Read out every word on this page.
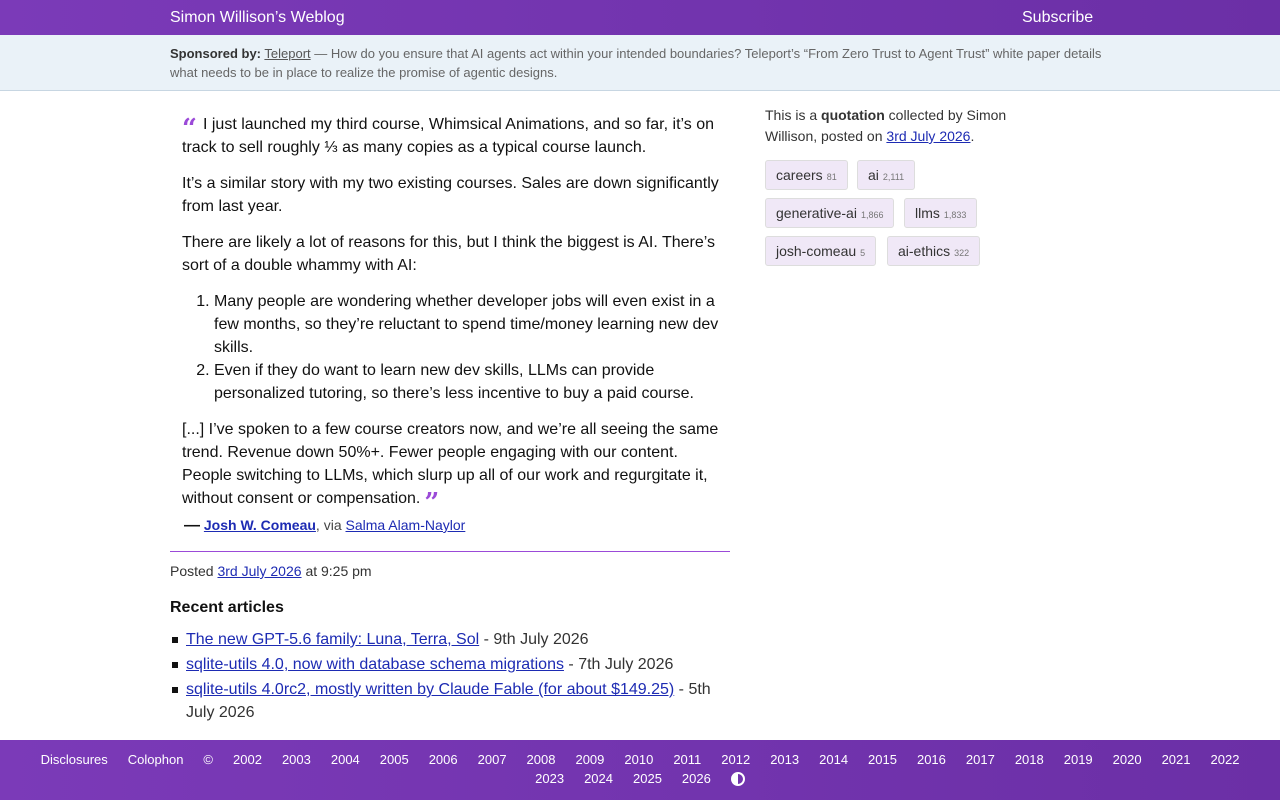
Simon Willison’s Weblog	Subscribe
Sponsored by: Teleport — How do you ensure that AI agents act within your intended boundaries? Teleport’s “From Zero Trust to Agent Trust” white paper details what needs to be in place to realize the promise of agentic designs.

“ I just launched my third course, Whimsical Animations, and so far, it’s on track to sell roughly ⅓ as many copies as a typical course launch.

It’s a similar story with my two existing courses. Sales are down significantly from last year.

There are likely a lot of reasons for this, but I think the biggest is AI. There’s sort of a double whammy with AI:

1. Many people are wondering whether developer jobs will even exist in a few months, so they’re reluctant to spend time/money learning new dev skills.
2. Even if they do want to learn new dev skills, LLMs can provide personalized tutoring, so there’s less incentive to buy a paid course.

[...] I’ve spoken to a few course creators now, and we’re all seeing the same trend. Revenue down 50%+. Fewer people engaging with our content. People switching to LLMs, which slurp up all of our work and regurgitate it, without consent or compensation. ”

— Josh W. Comeau, via Salma Alam-Naylor
Posted 3rd July 2026 at 9:25 pm
Recent articles
The new GPT-5.6 family: Luna, Terra, Sol - 9th July 2026
sqlite-utils 4.0, now with database schema migrations - 7th July 2026
sqlite-utils 4.0rc2, mostly written by Claude Fable (for about $149.25) - 5th July 2026
This is a quotation collected by Simon Willison, posted on 3rd July 2026.
careers 81	ai 2,111
generative-ai 1,866	llms 1,833
josh-comeau 5	ai-ethics 322
Disclosures Colophon © 2002 2003 2004 2005 2006 2007 2008 2009 2010 2011 2012 2013 2014 2015 2016 2017 2018 2019 2020 2021 20222023 2024 2025 2026
